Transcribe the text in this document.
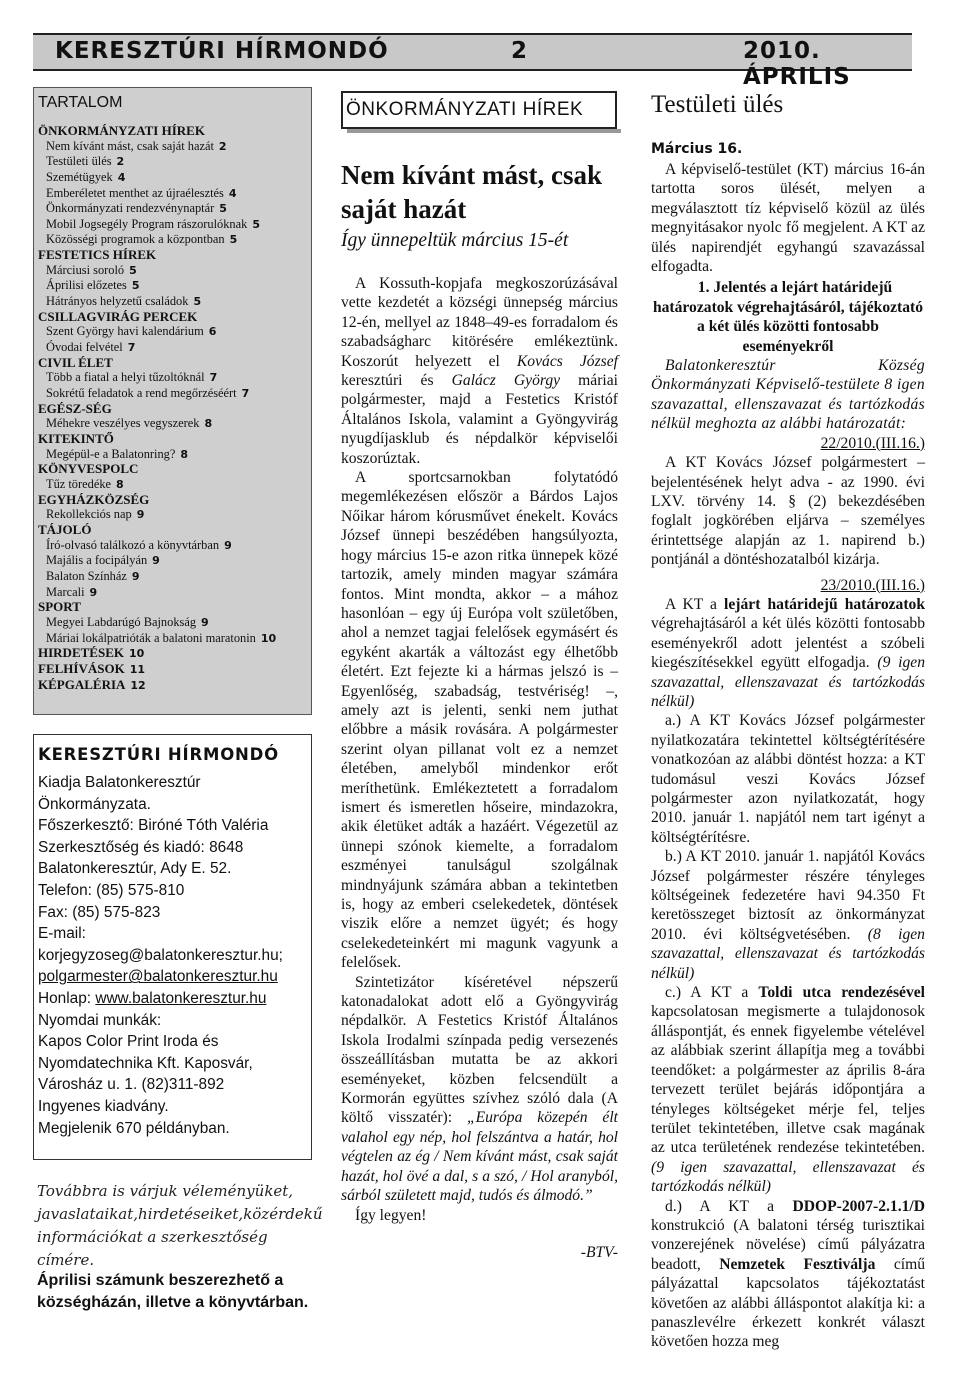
KERESZTÚRI HÍRMONDÓ	2	2010. ÁPRILIS
TARTALOM
ÖNKORMÁNYZATI HÍREK
Nem kívánt mást, csak saját hazát 2
Testületi ülés 2
Szemétügyek 4
Emberéletet menthet az újraélesztés 4
Önkormányzati rendezvénynaptár 5
Mobil Jogsegély Program rászorulóknak 5
Közösségi programok a központban 5
FESTETICS HÍREK
Márciusi soroló 5
Áprilisi előzetes 5
Hátrányos helyzetű családok 5
CSILLAGVIRÁG PERCEK
Szent György havi kalendárium 6
Óvodai felvétel 7
CIVIL ÉLET
Több a fiatal a helyi tűzoltóknál 7
Sokrétű feladatok a rend megőrzéséért 7
EGÉSZ-SÉG
Méhekre veszélyes vegyszerek 8
KITEKINTŐ
Megépül-e a Balatonring? 8
KÖNYVESPOLC
Tűz töredéke 8
EGYHÁZKÖZSÉG
Rekollekciós nap 9
TÁJOLÓ
Író-olvasó találkozó a könyvtárban 9
Majális a focipályán 9
Balaton Színház 9
Marcali 9
SPORT
Megyei Labdarúgó Bajnokság 9
Máriai lokálpatrióták a balatoni maratonin 10
HIRDETÉSEK 10
FELHÍVÁSOK 11
KÉPGALÉRIA 12
KERESZTÚRI HÍRMONDÓ
Kiadja Balatonkeresztúr
Önkormányzata.
Főszerkesztő: Biróné Tóth Valéria
Szerkesztőség és kiadó: 8648
Balatonkeresztúr, Ady E. 52.
Telefon: (85) 575-810
Fax: (85) 575-823
E-mail:
korjegyzoseg@balatonkeresztur.hu;
polgarmester@balatonkeresztur.hu
Honlap: www.balatonkeresztur.hu
Nyomdai munkák:
Kapos Color Print Iroda és
Nyomdatechnika Kft. Kaposvár,
Városház u. 1. (82)311-892
Ingyenes kiadvány.
Megjelenik 670 példányban.
Továbbra is várjuk véleményüket, javaslataikat,hirdetéseiket,közérdekű információkat a szerkesztőség címére.
Áprilisi számunk beszerezhető a községházán, illetve a könyvtárban.
ÖNKORMÁNYZATI HÍREK
Nem kívánt mást, csak saját hazát
Így ünnepeltük március 15-ét

A Kossuth-kopjafa megkoszorúzásával vette kezdetét a községi ünnepség március 12-én, mellyel az 1848–49-es forradalom és szabadságharc kitörésére emlékeztünk. Koszorút helyezett el Kovács József keresztúri és Galácz György máriai polgármester, majd a Festetics Kristóf Általános Iskola, valamint a Gyöngyvirág nyugdíjasklub és népdalkör képviselői koszorúztak.

A sportcsarnokban folytatódó megemlékezésen először a Bárdos Lajos Nőikar három kórusművet énekelt. Kovács József ünnepi beszédében hangsúlyozta, hogy március 15-e azon ritka ünnepek közé tartozik, amely minden magyar számára fontos. Mint mondta, akkor – a mához hasonlóan – egy új Európa volt születőben, ahol a nemzet tagjai felelősek egymásért és egyként akarták a változást egy élhetőbb életért. Ezt fejezte ki a hármas jelszó is – Egyenlőség, szabadság, testvériség! –, amely azt is jelenti, senki nem juthat előbbre a másik rovására. A polgármester szerint olyan pillanat volt ez a nemzet életében, amelyből mindenkor erőt meríthetünk. Emlékeztetett a forradalom ismert és ismeretlen hőseire, mindazokra, akik életüket adták a hazáért. Végezetül az ünnepi szónok kiemelte, a forradalom eszményei tanulságul szolgálnak mindnyájunk számára abban a tekintetben is, hogy az emberi cselekedetek, döntések viszik előre a nemzet ügyét; és hogy cselekedeteinkért mi magunk vagyunk a felelősek.

Szintetizátor kíséretével népszerű katonadalokat adott elő a Gyöngyvirág népdalkör. A Festetics Kristóf Általános Iskola Irodalmi színpada pedig versezenés összeállításban mutatta be az akkori eseményeket, közben felcsendült a Kormorán együttes szívhez szóló dala (A költő visszatér): „Európa közepén élt valahol egy nép, hol felszántva a határ, hol végtelen az ég / Nem kívánt mást, csak saját hazát, hol övé a dal, s a szó, / Hol aranyból, sárból született majd, tudós és álmodó.”

Így legyen!

-BTV-
Testületi ülés
Március 16.

A képviselő-testület (KT) március 16-án tartotta soros ülését, melyen a megválasztott tíz képviselő közül az ülés megnyitásakor nyolc fő megjelent. A KT az ülés napirendjét egyhangú szavazással elfogadta.

1. Jelentés a lejárt határidejű határozatok végrehajtásáról, tájékoztató a két ülés közötti fontosabb eseményekről

Balatonkeresztúr Község Önkormányzati Képviselő-testülete 8 igen szavazattal, ellenszavazat és tartózkodás nélkül meghozta az alábbi határozatát:

22/2010.(III.16.)

A KT Kovács József polgármestert – bejelentésének helyt adva - az 1990. évi LXV. törvény 14. § (2) bekezdésében foglalt jogkörében eljárva – személyes érintettsége alapján az 1. napirend b.) pontjánál a döntéshozatalból kizárja.

23/2010.(III.16.)

A KT a lejárt határidejű határozatok végrehajtásáról a két ülés közötti fontosabb eseményekről adott jelentést a szóbeli kiegészítésekkel együtt elfogadja. (9 igen szavazattal, ellenszavazat és tartózkodás nélkül)

a.) A KT Kovács József polgármester nyilatkozatára tekintettel költségtérítésére vonatkozóan az alábbi döntést hozza: a KT tudomásul veszi Kovács József polgármester azon nyilatkozatát, hogy 2010. január 1. napjától nem tart igényt a költségtérítésre.

b.) A KT 2010. január 1. napjától Kovács József polgármester részére tényleges költségeinek fedezetére havi 94.350 Ft keretösszeget biztosít az önkormányzat 2010. évi költségvetésében. (8 igen szavazattal, ellenszavazat és tartózkodás nélkül)

c.) A KT a Toldi utca rendezésével kapcsolatosan megismerte a tulajdonosok álláspontját, és ennek figyelembe vételével az alábbiak szerint állapítja meg a további teendőket: a polgármester az április 8-ára tervezett terület bejárás időpontjára a tényleges költségeket mérje fel, teljes terület tekintetében, illetve csak magának az utca területének rendezése tekintetében. (9 igen szavazattal, ellenszavazat és tartózkodás nélkül)

d.) A KT a DDOP-2007-2.1.1/D konstrukció (A balatoni térség turisztikai vonzerejének növelése) című pályázatra beadott, Nemzetek Fesztiválja című pályázattal kapcsolatos tájékoztatást követően az alábbi álláspontot alakítja ki: a panaszlevélre érkezett konkrét választ követően hozza meg
